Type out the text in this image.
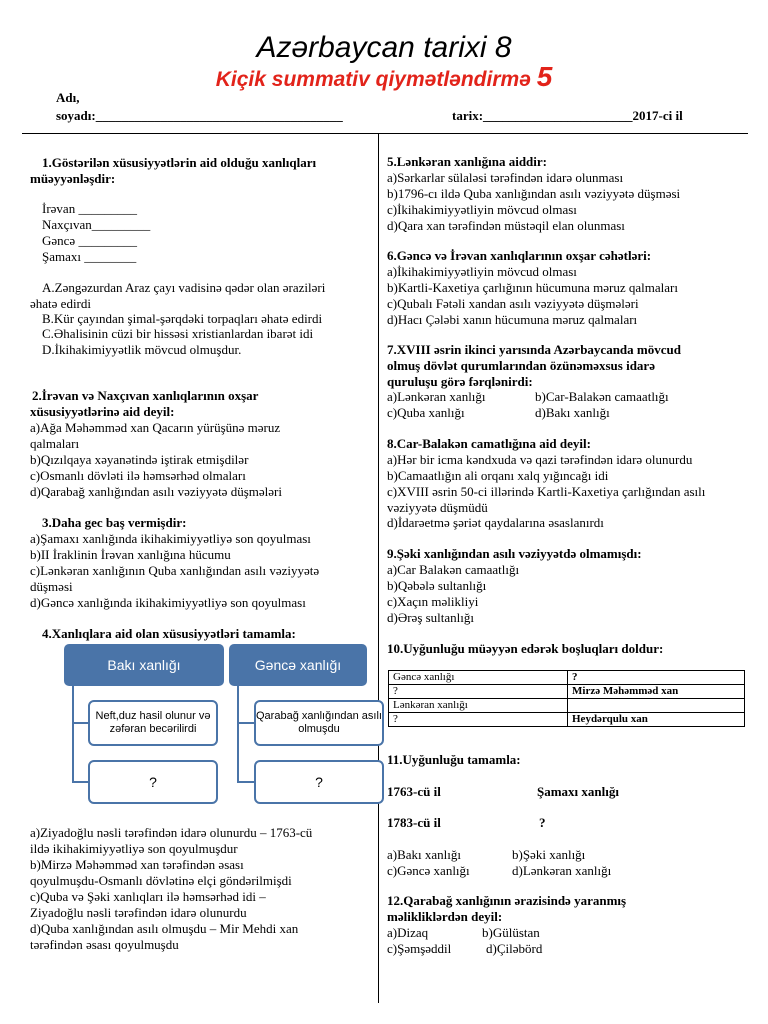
Azərbaycan tarixi 8
Kiçik summativ qiymətləndirmə 5
Adı,
soyadı:______________________________________	tarix:_______________________2017-ci il
1.Göstərilən xüsusiyyətlərin aid olduğu xanlıqları
müəyyənləşdir:
İrəvan _________
Naxçıvan_________
Gəncə _________
Şamaxı ________
A.Zəngəzurdan Araz çayı vadisinə qədər olan əraziləri
əhatə edirdi
B.Kür çayından şimal-şərqdəki torpaqları əhatə edirdi
C.Əhalisinin cüzi bir hissəsi xristianlardan ibarət idi
D.İkihakimiyyətlik mövcud olmuşdur.
2.İrəvan və Naxçıvan xanlıqlarının oxşar
xüsusiyyətlərinə aid deyil:
a)Ağa Məhəmməd xan Qacarın yürüşünə məruz
qalmaları
b)Qızılqaya xəyanətində iştirak etmişdilər
c)Osmanlı dövləti ilə həmsərhəd olmaları
d)Qarabağ xanlığından asılı vəziyyətə düşmələri
3.Daha gec baş vermişdir:
a)Şamaxı xanlığında ikihakimiyyətliyə son qoyulması
b)II İraklinin İrəvan xanlığına hücumu
c)Lənkəran xanlığının Quba xanlığından asılı vəziyyətə
düşməsi
d)Gəncə xanlığında ikihakimiyyətliyə son qoyulması
4.Xanlıqlara aid olan xüsusiyyətləri tamamla:
Bakı xanlığı	Gəncə xanlığı
Neft,duz hasil olunur və zəfəran becərilirdi
?
Qarabağ xanlığından asılı olmuşdu
?
a)Ziyadoğlu nəsli tərəfindən idarə olunurdu – 1763-cü
ildə ikihakimiyyətliyə son qoyulmuşdur
b)Mirzə Məhəmməd xan tərəfindən əsası
qoyulmuşdu-Osmanlı dövlətinə elçi göndərilmişdi
c)Quba və Şəki xanlıqları ilə həmsərhəd idi –
Ziyadoğlu nəsli tərəfindən idarə olunurdu
d)Quba xanlığından asılı olmuşdu – Mir Mehdi xan
tərəfindən əsası qoyulmuşdu
5.Lənkəran xanlığına aiddir:
a)Sərkarlar sülaləsi tərəfindən idarə olunması
b)1796-cı ildə Quba xanlığından asılı vəziyyətə düşməsi
c)İkihakimiyyətliyin mövcud olması
d)Qara xan tərəfindən müstəqil elan olunması
6.Gəncə və İrəvan xanlıqlarının oxşar cəhətləri:
a)İkihakimiyyətliyin mövcud olması
b)Kartli-Kaxetiya çarlığının hücumuna məruz qalmaları
c)Qubalı Fətəli xandan asılı vəziyyətə düşmələri
d)Hacı Çələbi xanın hücumuna məruz qalmaları
7.XVIII əsrin ikinci yarısında Azərbaycanda mövcud
olmuş dövlət qurumlarından özünəməxsus idarə
quruluşu görə fərqlənirdi:
a)Lənkəran xanlığı	b)Car-Balakən camaatlığı
c)Quba xanlığı	d)Bakı xanlığı
8.Car-Balakən camatlığına aid deyil:
a)Hər bir icma kəndxuda və qazi tərəfindən idarə olunurdu
b)Camaatlığın ali orqanı xalq yığıncağı idi
c)XVIII əsrin 50-ci illərində Kartli-Kaxetiya çarlığından asılı
vəziyyətə düşmüdü
d)İdarəetmə şəriət qaydalarına əsaslanırdı
9.Şəki xanlığından asılı vəziyyətdə olmamışdı:
a)Car Balakən camaatlığı
b)Qəbələ sultanlığı
c)Xaçın məlikliyi
d)Ərəş sultanlığı
10.Uyğunluğu müəyyən edərək boşluqları doldur:
Gəncə xanlığı	?
?	Mirzə Məhəmməd xan
Lənkəran xanlığı	
?	Heydərqulu xan
11.Uyğunluğu tamamla:
1763-cü il	Şamaxı xanlığı
1783-cü il	?
a)Bakı xanlığı	b)Şəki xanlığı
c)Gəncə xanlığı	d)Lənkəran xanlığı
12.Qarabağ xanlığının ərazisində yaranmış
məlikliklərdən deyil:
a)Dizaq	b)Gülüstan
c)Şəmşəddil	d)Çiləbörd
